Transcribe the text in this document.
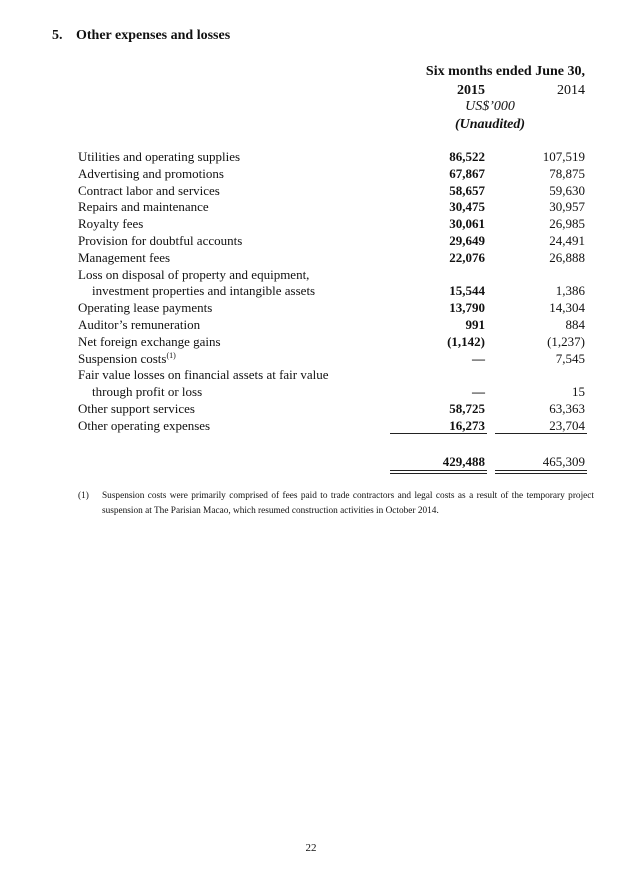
5. Other expenses and losses
Six months ended June 30,
2015	2014
US$’000
(Unaudited)
Utilities and operating supplies	86,522	107,519
Advertising and promotions	67,867	78,875
Contract labor and services	58,657	59,630
Repairs and maintenance	30,475	30,957
Royalty fees	30,061	26,985
Provision for doubtful accounts	29,649	24,491
Management fees	22,076	26,888
Loss on disposal of property and equipment,
investment properties and intangible assets	15,544	1,386
Operating lease payments	13,790	14,304
Auditor’s remuneration	991	884
Net foreign exchange gains	(1,142)	(1,237)
Suspension costs$^{(1)}$	—	7,545
Fair value losses on financial assets at fair value
through profit or loss	—	15
Other support services	58,725	63,363
Other operating expenses	16,273	23,704
429,488	465,309
(1) Suspension costs were primarily comprised of fees paid to trade contractors and legal costs as a result of the temporary project suspension at The Parisian Macao, which resumed construction activities in October 2014.
22
